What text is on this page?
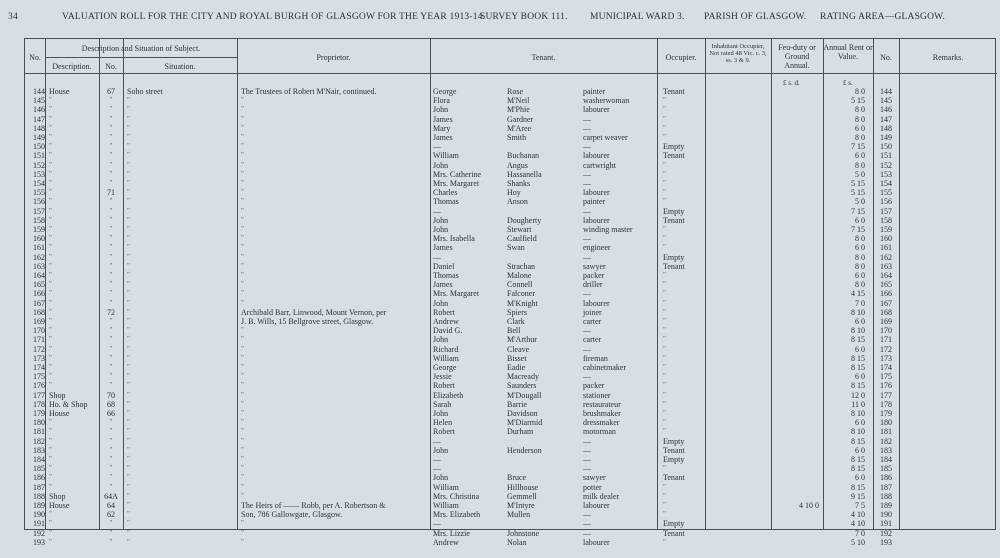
34	VALUATION ROLL FOR THE CITY AND ROYAL BURGH OF GLASGOW FOR THE YEAR 1913-14.
SURVEY BOOK 111. MUNICIPAL WARD 3. PARISH OF GLASGOW. RATING AREA—GLASGOW.
No.
Description and Situation of Subject.
Description.	No.	Situation.
Proprietor.	Tenant.	Occupier.
Inhabitant Occupier, Not rated 48 Vic. c. 3, ss. 3 & 9.
Feu-duty or Ground Annual.
Annual Rent or Value.	No.	Remarks.
£ s. d.	£ s.
144 House	67	Soho street	The Trustees of Robert M'Nair, continued.	George	Rose	painter	Tenant	8 0	144
145 "	"	"	"	Flora	M'Neil	washerwoman	"	5 15	145
146 "	"	"	"	John	M'Phie	labourer	"	8 0	146
147 "	"	"	"	James	Gardner	—	"	8 0	147
148 "	"	"	"	Mary	M'Aree	—	"	6 0	148
149 "	"	"	"	James	Smith	carpet weaver	"	8 0	149
150 "	"	"	"	—	—	Empty	7 15	150
151 "	"	"	"	William	Buchanan	labourer	Tenant	6 0	151
152 "	"	"	"	John	Angus	cartwright	"	8 0	152
153 "	"	"	"	Mrs. Catherine	Hassanella	—	"	5 0	153
154 "	"	"	"	Mrs. Margaret	Shanks	—	"	5 15	154
155 "	71	"	"	Charles	Hoy	labourer	"	5 15	155
156 "	"	"	"	Thomas	Anson	painter	"	5 0	156
157 "	"	"	"	—	—	Empty	7 15	157
158 "	"	"	"	John	Dougherty	labourer	Tenant	6 0	158
159 "	"	"	"	John	Stewart	winding master	"	7 15	159
160 "	"	"	"	Mrs. Isabella	Caulfield	—	"	8 0	160
161 "	"	"	"	James	Swan	engineer	"	6 0	161
162 "	"	"	"	—	—	Empty	8 0	162
163 "	"	"	"	Daniel	Strachan	sawyer	Tenant	8 0	163
164 "	"	"	"	Thomas	Malone	packer	"	6 0	164
165 "	"	"	"	James	Connell	driller	"	8 0	165
166 "	"	"	"	Mrs. Margaret	Falconer	—	"	4 15	166
167 "	"	"	"	John	M'Knight	labourer	"	7 0	167
168 "	72	"	Archibald Barr, Linwood, Mount Vernon, per	Robert	Spiers	joiner	"	8 10	168
169 "	"	"	J. B. Wills, 15 Bellgrove street, Glasgow.	Andrew	Clark	carter	"	6 0	169
170 "	"	"	"	David G.	Bell	—	"	8 10	170
171 "	"	"	"	John	M'Arthur	carter	"	8 15	171
172 "	"	"	"	Richard	Cleave	—	"	6 0	172
173 "	"	"	"	William	Bisset	fireman	"	8 15	173
174 "	"	"	"	George	Eadie	cabinetmaker	"	8 15	174
175 "	"	"	"	Jessie	Macready	—	"	6 0	175
176 "	"	"	"	Robert	Saunders	packer	"	8 15	176
177 Shop	70	"	"	Elizabeth	M'Dougall	stationer	"	12 0	177
178 Ho. & Shop	68	"	"	Sarah	Barrie	restaurateur	"	11 0	178
179 House	66	"	"	John	Davidson	brushmaker	"	8 10	179
180 "	"	"	"	Helen	M'Diarmid	dressmaker	"	6 0	180
181 "	"	"	"	Robert	Durham	motorman	"	8 10	181
182 "	"	"	"	—	—	Empty	8 15	182
183 "	"	"	"	John	Henderson	—	Tenant	6 0	183
184 "	"	"	"	—	—	Empty	8 15	184
185 "	"	"	"	—	—	"	8 15	185
186 "	"	"	"	John	Bruce	sawyer	Tenant	6 0	186
187 "	"	"	"	William	Hillhouse	potter	"	8 15	187
188 Shop	64A	"	"	Mrs. Christina	Gemmell	milk dealer	"	9 15	188
189 House	64	"	The Heirs of —— Robb, per A. Robertson &	William	M'Intyre	labourer	"	4 10 0	7 5	189
190 "	62	"	Son, 786 Gallowgate, Glasgow.	Mrs. Elizabeth	Mullen	—	"	4 10	190
191 "	"	"	"	—	—	Empty	4 10	191
192 "	"	"	"	Mrs. Lizzie	Johnstone	—	Tenant	7 0	192
193 "	"	"	"	Andrew	Nolan	labourer	"	5 10	193
